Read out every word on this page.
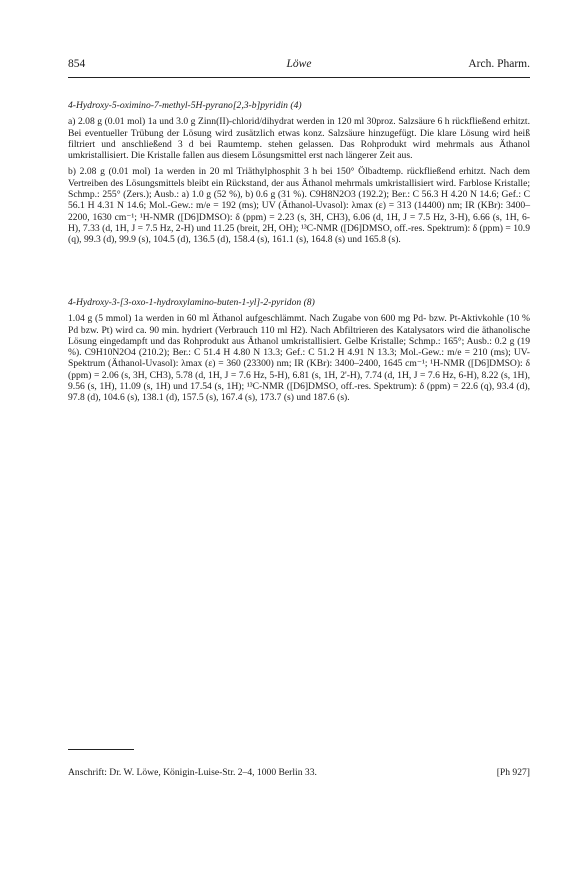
854	Löwe	Arch. Pharm.
4-Hydroxy-5-oximino-7-methyl-5H-pyrano[2,3-b]pyridin (4)

a) 2.08 g (0.01 mol) 1a und 3.0 g Zinn(II)-chlorid/dihydrat werden in 120 ml 30proz. Salzsäure 6 h rückfließend erhitzt. Bei eventueller Trübung der Lösung wird zusätzlich etwas konz. Salzsäure hinzugefügt. Die klare Lösung wird heiß filtriert und anschließend 3 d bei Raumtemp. stehen gelassen. Das Rohprodukt wird mehrmals aus Äthanol umkristallisiert. Die Kristalle fallen aus diesem Lösungsmittel erst nach längerer Zeit aus.

b) 2.08 g (0.01 mol) 1a werden in 20 ml Triäthylphosphit 3 h bei 150° Ölbadtemp. rückfließend erhitzt. Nach dem Vertreiben des Lösungsmittels bleibt ein Rückstand, der aus Äthanol mehrmals umkristallisiert wird. Farblose Kristalle; Schmp.: 255° (Zers.); Ausb.: a) 1.0 g (52 %), b) 0.6 g (31 %). C9H8N2O3 (192.2); Ber.: C 56.3 H 4.20 N 14.6; Gef.: C 56.1 H 4.31 N 14.6; Mol.-Gew.: m/e = 192 (ms); UV (Äthanol-Uvasol): λmax (ε) = 313 (14400) nm; IR (KBr): 3400–2200, 1630 cm⁻¹; ¹H-NMR ([D6]DMSO): δ (ppm) = 2.23 (s, 3H, CH3), 6.06 (d, 1H, J = 7.5 Hz, 3-H), 6.66 (s, 1H, 6-H), 7.33 (d, 1H, J = 7.5 Hz, 2-H) und 11.25 (breit, 2H, OH); ¹³C-NMR ([D6]DMSO, off.-res. Spektrum): δ (ppm) = 10.9 (q), 99.3 (d), 99.9 (s), 104.5 (d), 136.5 (d), 158.4 (s), 161.1 (s), 164.8 (s) und 165.8 (s).

4-Hydroxy-3-[3-oxo-1-hydroxylamino-buten-1-yl]-2-pyridon (8)

1.04 g (5 mmol) 1a werden in 60 ml Äthanol aufgeschlämmt. Nach Zugabe von 600 mg Pd- bzw. Pt-Aktivkohle (10 % Pd bzw. Pt) wird ca. 90 min. hydriert (Verbrauch 110 ml H2). Nach Abfiltrieren des Katalysators wird die äthanolische Lösung eingedampft und das Rohprodukt aus Äthanol umkristallisiert. Gelbe Kristalle; Schmp.: 165°; Ausb.: 0.2 g (19 %). C9H10N2O4 (210.2); Ber.: C 51.4 H 4.80 N 13.3; Gef.: C 51.2 H 4.91 N 13.3; Mol.-Gew.: m/e = 210 (ms); UV-Spektrum (Äthanol-Uvasol): λmax (ε) = 360 (23300) nm; IR (KBr): 3400–2400, 1645 cm⁻¹; ¹H-NMR ([D6]DMSO): δ (ppm) = 2.06 (s, 3H, CH3), 5.78 (d, 1H, J = 7.6 Hz, 5-H), 6.81 (s, 1H, 2'-H), 7.74 (d, 1H, J = 7.6 Hz, 6-H), 8.22 (s, 1H), 9.56 (s, 1H), 11.09 (s, 1H) und 17.54 (s, 1H); ¹³C-NMR ([D6]DMSO, off.-res. Spektrum): δ (ppm) = 22.6 (q), 93.4 (d), 97.8 (d), 104.6 (s), 138.1 (d), 157.5 (s), 167.4 (s), 173.7 (s) und 187.6 (s).

Anschrift: Dr. W. Löwe, Königin-Luise-Str. 2–4, 1000 Berlin 33.	[Ph 927]
